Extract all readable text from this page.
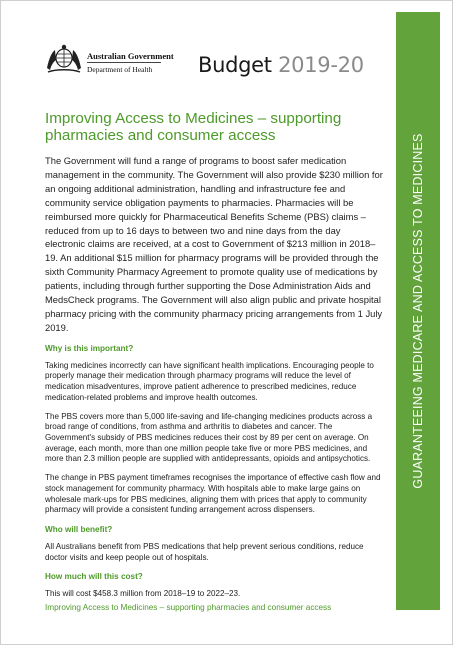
GUARANTEEING MEDICARE AND ACCESS TO MEDICINES
Australian Government
Department of Health Budget 2019-20
Improving Access to Medicines – supporting pharmacies and consumer access

The Government will fund a range of programs to boost safer medication management in the community. The Government will also provide $230 million for an ongoing additional administration, handling and infrastructure fee and community service obligation payments to pharmacies. Pharmacies will be reimbursed more quickly for Pharmaceutical Benefits Scheme (PBS) claims – reduced from up to 16 days to between two and nine days from the day electronic claims are received, at a cost to Government of $213 million in 2018–19. An additional $15 million for pharmacy programs will be provided through the sixth Community Pharmacy Agreement to promote quality use of medications by patients, including through further supporting the Dose Administration Aids and MedsCheck programs. The Government will also align public and private hospital pharmacy pricing with the community pharmacy pricing arrangements from 1 July 2019.

Why is this important?

Taking medicines incorrectly can have significant health implications. Encouraging people to properly manage their medication through pharmacy programs will reduce the level of medication misadventures, improve patient adherence to prescribed medicines, reduce medication-related problems and improve health outcomes.

The PBS covers more than 5,000 life-saving and life-changing medicines products across a broad range of conditions, from asthma and arthritis to diabetes and cancer. The Government's subsidy of PBS medicines reduces their cost by 89 per cent on average. On average, each month, more than one million people take five or more PBS medicines, and more than 2.3 million people are supplied with antidepressants, opioids and antipsychotics.

The change in PBS payment timeframes recognises the importance of effective cash flow and stock management for community pharmacy. With hospitals able to make large gains on wholesale mark-ups for PBS medicines, aligning them with prices that apply to community pharmacy will provide a consistent funding arrangement across dispensers.

Who will benefit?

All Australians benefit from PBS medications that help prevent serious conditions, reduce doctor visits and keep people out of hospitals.

How much will this cost?

This will cost $458.3 million from 2018–19 to 2022–23.

Improving Access to Medicines – supporting pharmacies and consumer access
